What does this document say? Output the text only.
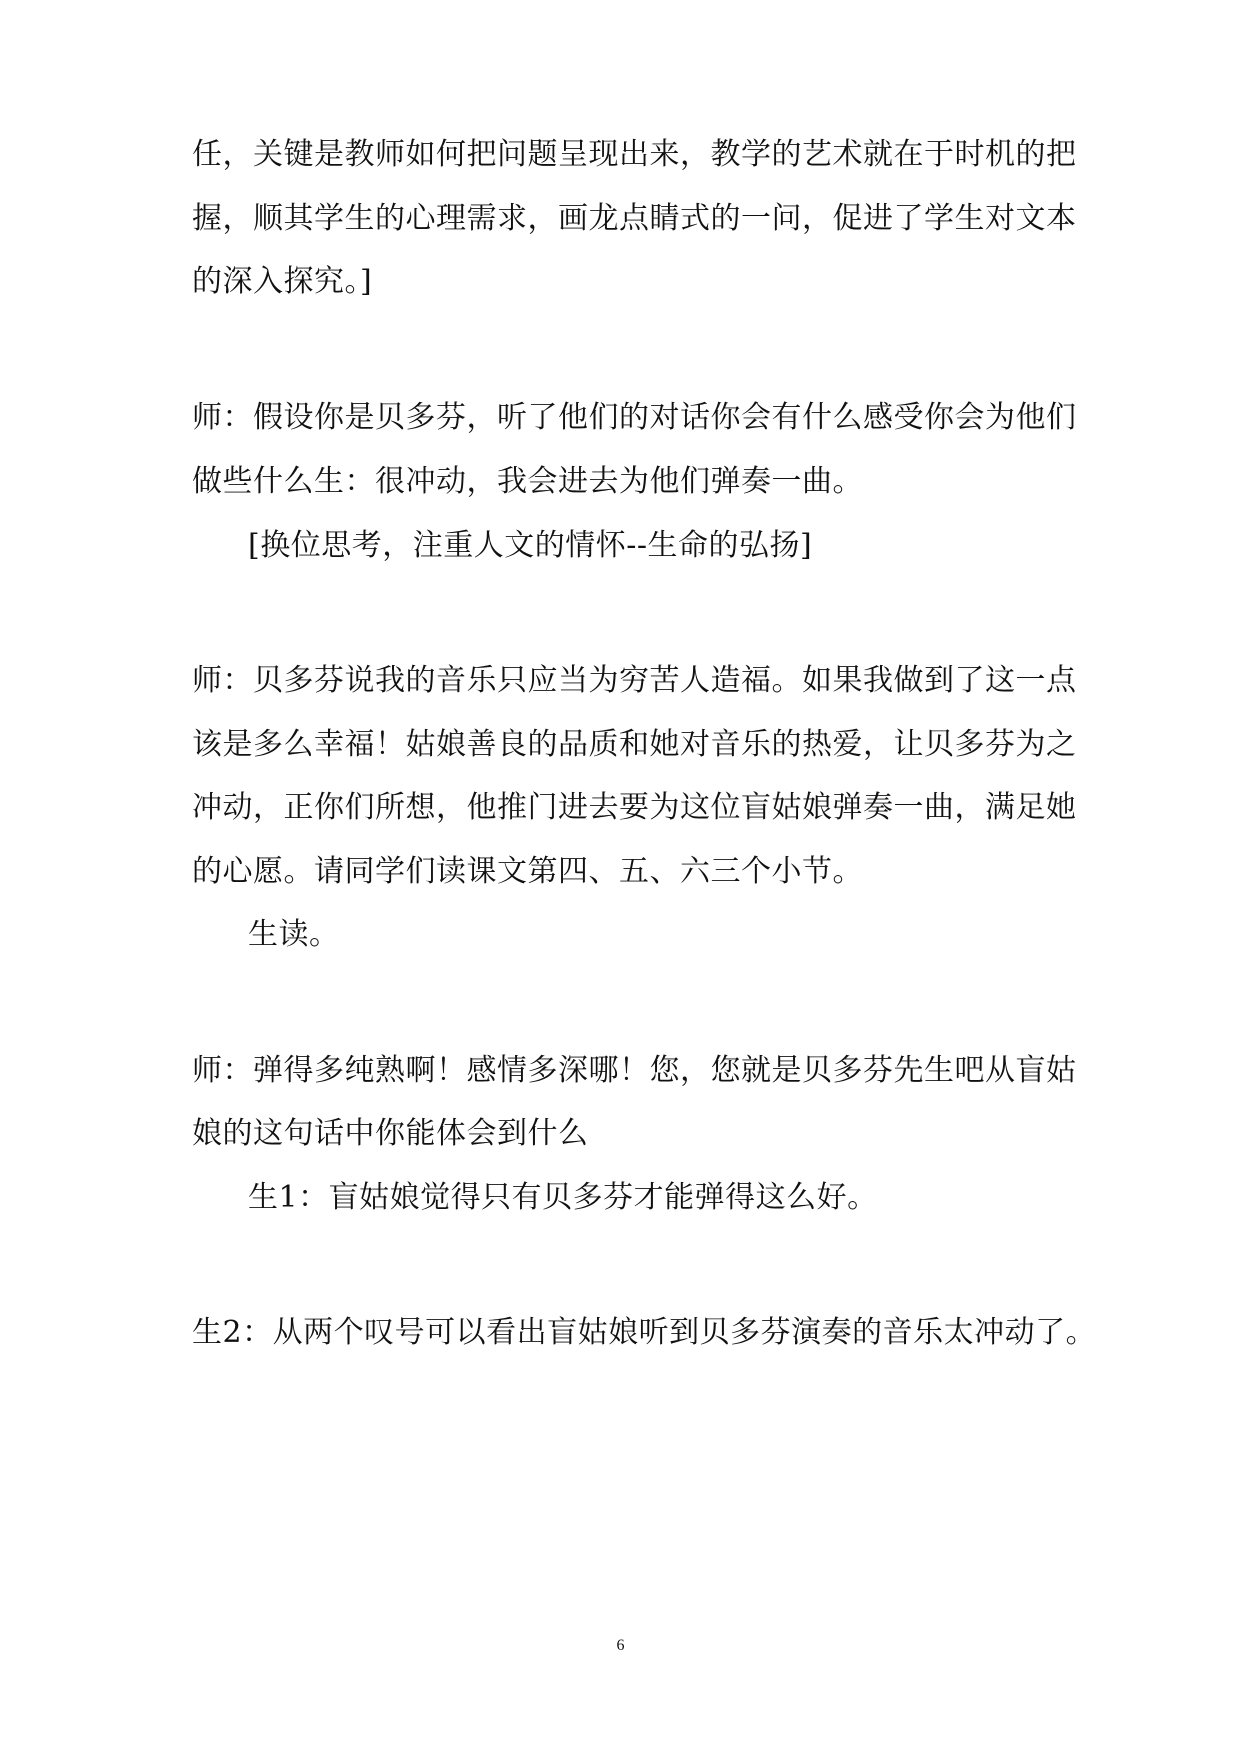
任，关键是教师如何把问题呈现出来，教学的艺术就在于时机的把
握，顺其学生的心理需求，画龙点睛式的一问，促进了学生对文本
的深入探究。]
师：假设你是贝多芬，听了他们的对话你会有什么感受你会为他们
做些什么生：很冲动，我会进去为他们弹奏一曲。
[换位思考，注重人文的情怀--生命的弘扬]
师：贝多芬说我的音乐只应当为穷苦人造福。如果我做到了这一点
该是多么幸福！姑娘善良的品质和她对音乐的热爱，让贝多芬为之
冲动，正你们所想，他推门进去要为这位盲姑娘弹奏一曲，满足她
的心愿。请同学们读课文第四、五、六三个小节。
生读。
师：弹得多纯熟啊！感情多深哪！您，您就是贝多芬先生吧从盲姑
娘的这句话中你能体会到什么
生1：盲姑娘觉得只有贝多芬才能弹得这么好。
生2：从两个叹号可以看出盲姑娘听到贝多芬演奏的音乐太冲动了。
6
